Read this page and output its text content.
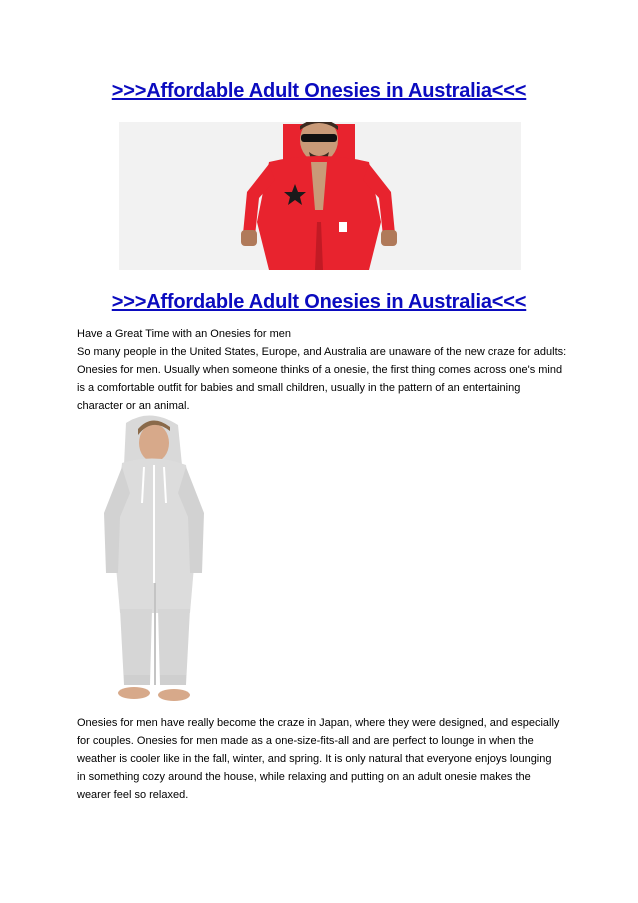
>>>Affordable Adult Onesies in Australia<<<
>>>Affordable Adult Onesies in Australia<<<
Have a Great Time with an Onesies for men
So many people in the United States, Europe, and Australia are unaware of the new craze for adults:
Onesies for men. Usually when someone thinks of a onesie, the first thing comes across one's mind
is a comfortable outfit for babies and small children, usually in the pattern of an entertaining
character or an animal.
Onesies for men have really become the craze in Japan, where they were designed, and especially
for couples. Onesies for men made as a one-size-fits-all and are perfect to lounge in when the
weather is cooler like in the fall, winter, and spring. It is only natural that everyone enjoys lounging
in something cozy around the house, while relaxing and putting on an adult onesie makes the
wearer feel so relaxed.
